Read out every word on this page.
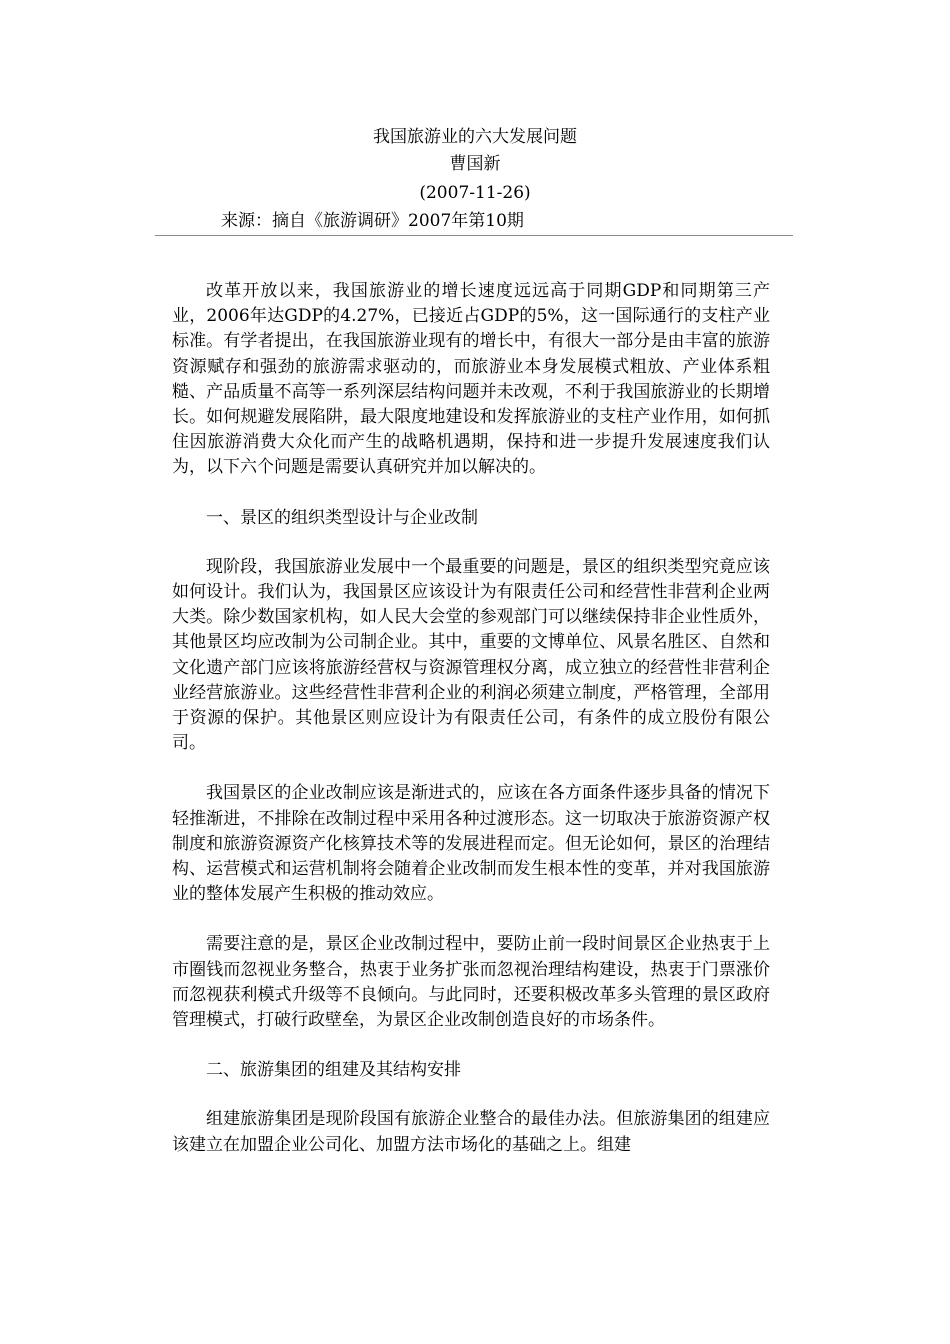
我国旅游业的六大发展问题
曹国新
(2007-11-26)
来源：摘自《旅游调研》2007年第10期

改革开放以来，我国旅游业的增长速度远远高于同期GDP和同期第三产业，2006年达GDP的4.27%，已接近占GDP的5%，这一国际通行的支柱产业标准。有学者提出，在我国旅游业现有的增长中，有很大一部分是由丰富的旅游资源赋存和强劲的旅游需求驱动的，而旅游业本身发展模式粗放、产业体系粗糙、产品质量不高等一系列深层结构问题并未改观，不利于我国旅游业的长期增长。如何规避发展陷阱，最大限度地建设和发挥旅游业的支柱产业作用，如何抓住因旅游消费大众化而产生的战略机遇期，保持和进一步提升发展速度我们认为，以下六个问题是需要认真研究并加以解决的。

一、景区的组织类型设计与企业改制

现阶段，我国旅游业发展中一个最重要的问题是，景区的组织类型究竟应该如何设计。我们认为，我国景区应该设计为有限责任公司和经营性非营利企业两大类。除少数国家机构，如人民大会堂的参观部门可以继续保持非企业性质外，其他景区均应改制为公司制企业。其中，重要的文博单位、风景名胜区、自然和文化遗产部门应该将旅游经营权与资源管理权分离，成立独立的经营性非营利企业经营旅游业。这些经营性非营利企业的利润必须建立制度，严格管理，全部用于资源的保护。其他景区则应设计为有限责任公司，有条件的成立股份有限公司。

我国景区的企业改制应该是渐进式的，应该在各方面条件逐步具备的情况下轻推渐进，不排除在改制过程中采用各种过渡形态。这一切取决于旅游资源产权制度和旅游资源资产化核算技术等的发展进程而定。但无论如何，景区的治理结构、运营模式和运营机制将会随着企业改制而发生根本性的变革，并对我国旅游业的整体发展产生积极的推动效应。

需要注意的是，景区企业改制过程中，要防止前一段时间景区企业热衷于上市圈钱而忽视业务整合，热衷于业务扩张而忽视治理结构建设，热衷于门票涨价而忽视获利模式升级等不良倾向。与此同时，还要积极改革多头管理的景区政府管理模式，打破行政壁垒，为景区企业改制创造良好的市场条件。

二、旅游集团的组建及其结构安排

组建旅游集团是现阶段国有旅游企业整合的最佳办法。但旅游集团的组建应该建立在加盟企业公司化、加盟方法市场化的基础之上。组建
